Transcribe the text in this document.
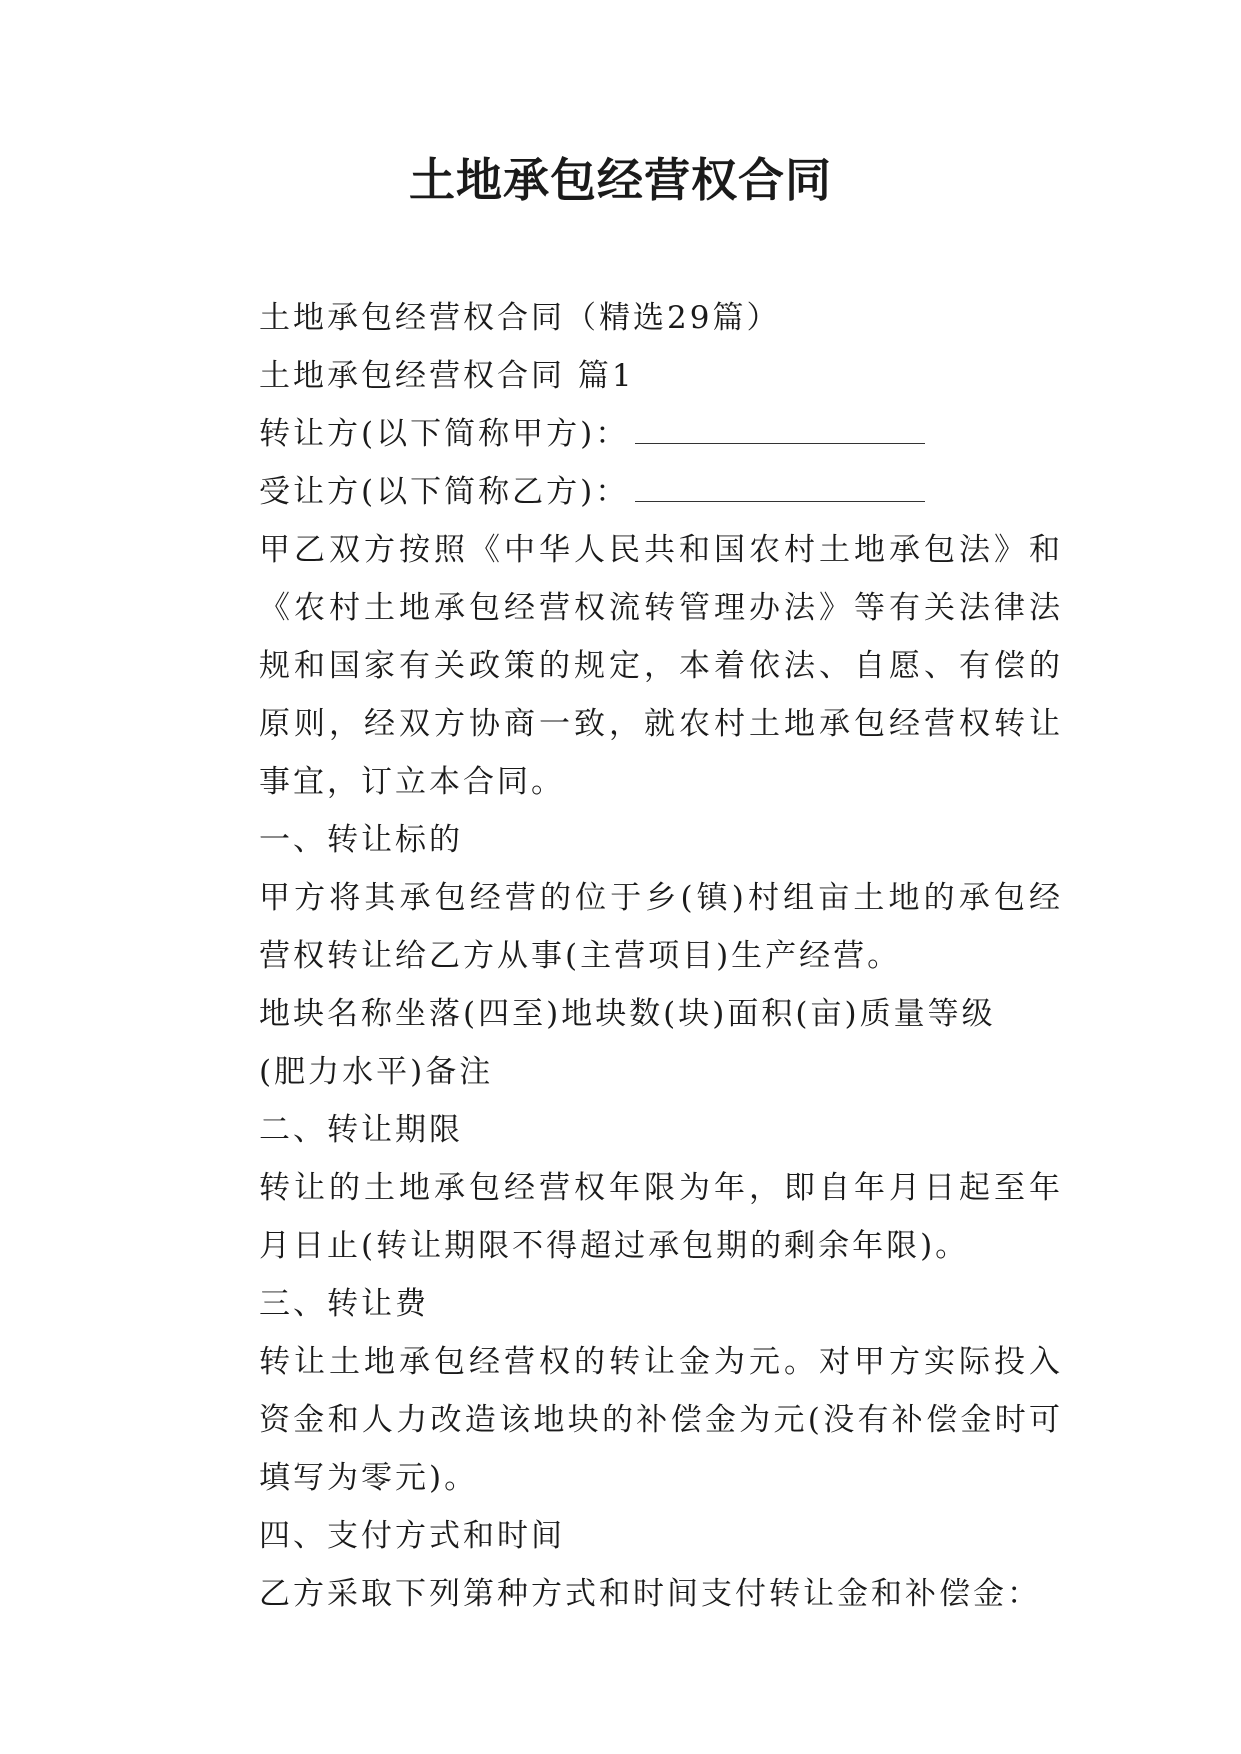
土地承包经营权合同

土地承包经营权合同（精选29篇）

土地承包经营权合同 篇1

转让方(以下简称甲方)：

受让方(以下简称乙方)：

甲乙双方按照《中华人民共和国农村土地承包法》和《农村土地承包经营权流转管理办法》等有关法律法规和国家有关政策的规定，本着依法、自愿、有偿的原则，经双方协商一致，就农村土地承包经营权转让事宜，订立本合同。

一、转让标的

甲方将其承包经营的位于乡(镇)村组亩土地的承包经营权转让给乙方从事(主营项目)生产经营。

地块名称坐落(四至)地块数(块)面积(亩)质量等级

(肥力水平)备注

二、转让期限

转让的土地承包经营权年限为年，即自年月日起至年月日止(转让期限不得超过承包期的剩余年限)。

三、转让费

转让土地承包经营权的转让金为元。对甲方实际投入资金和人力改造该地块的补偿金为元(没有补偿金时可填写为零元)。

四、支付方式和时间

乙方采取下列第种方式和时间支付转让金和补偿金：
